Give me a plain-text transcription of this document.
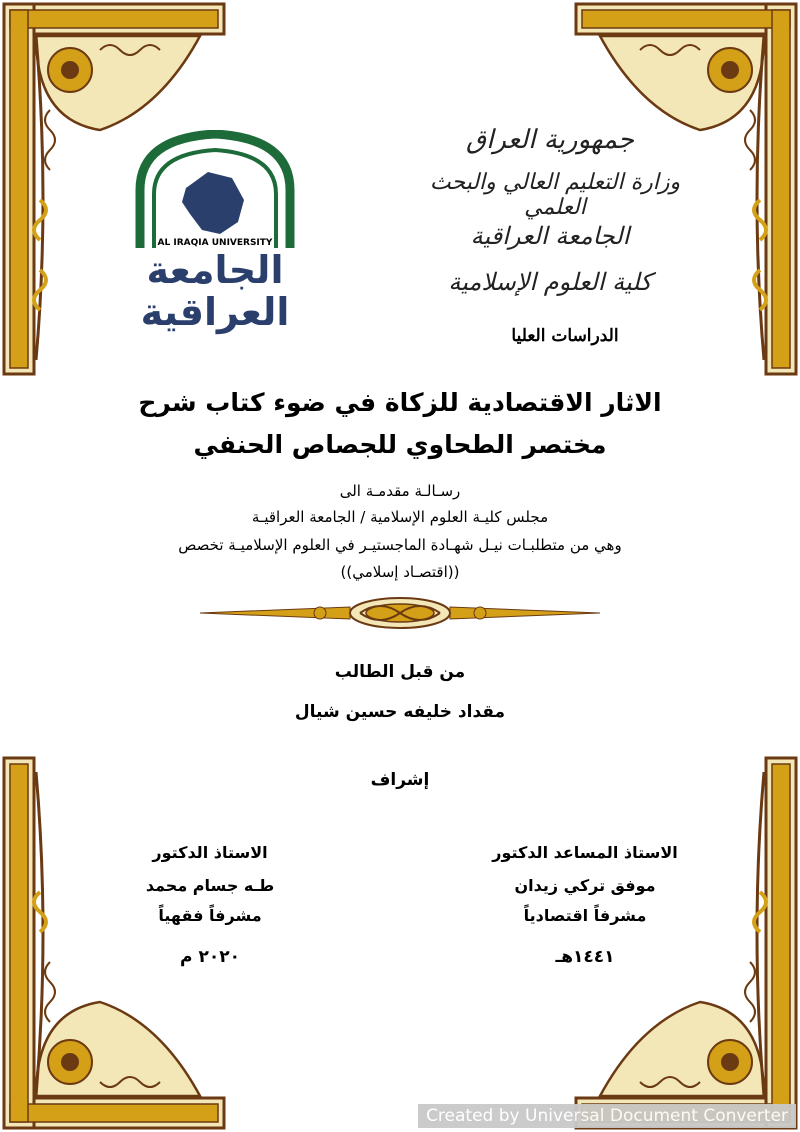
جمهورية العراق
وزارة التعليم العالي والبحث العلمي
الجامعة العراقية
كلية العلوم الإسلامية
الدراسات العليا
AL IRAQIA UNIVERSITY
الجامعة
العراقية
الاثار الاقتصادية للزكاة في ضوء كتاب شرح
مختصر الطحاوي للجصاص الحنفي
رسـالـة مقدمـة الى
مجلس كليـة العلوم الإسلامية / الجامعة العراقيـة
وهي من متطلبـات نيـل شهـادة الماجستيـر في العلوم الإسلاميـة تخصص
((اقتصـاد إسلامي))
من قبل الطالب
مقداد خليفه حسين شيال
إشراف
الاستاذ المساعد الدكتور
موفق تركي زيدان
مشرفاً اقتصادياً
١٤٤١هـ
الاستاذ الدكتور
طـه جسام محمد
مشرفاً فقهياً
٢٠٢٠ م
Created by Universal Document Converter
